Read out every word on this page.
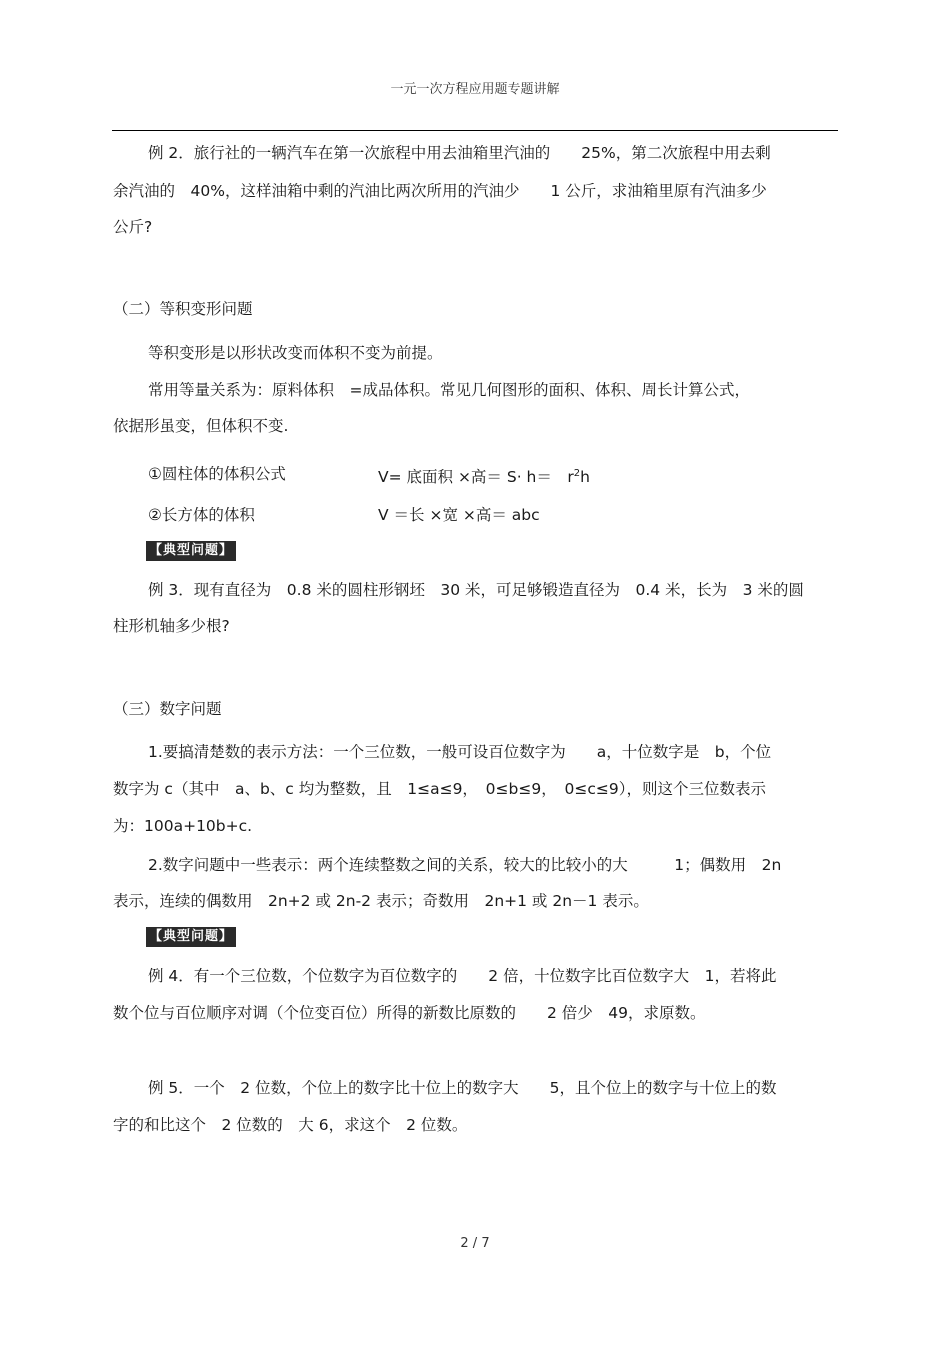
一元一次方程应用题专题讲解
例 2．旅行社的一辆汽车在第一次旅程中用去油箱里汽油的　　25%，第二次旅程中用去剩
余汽油的　40%，这样油箱中剩的汽油比两次所用的汽油少　　1 公斤，求油箱里原有汽油多少
公斤?
（二）等积变形问题
等积变形是以形状改变而体积不变为前提。
常用等量关系为：原料体积　=成品体积。常见几何图形的面积、体积、周长计算公式，
依据形虽变，但体积不变.
①圆柱体的体积公式	V= 底面积 ×高＝ S· h＝　$r^2h$
②长方体的体积	V ＝长 ×宽 ×高＝ abc
【典型问题】
例 3．现有直径为　0.8 米的圆柱形钢坯　30 米，可足够锻造直径为　0.4 米，长为　3 米的圆
柱形机轴多少根?
（三）数字问题
1.要搞清楚数的表示方法：一个三位数，一般可设百位数字为　　a，十位数字是　b，个位
数字为 c（其中　a、b、c 均为整数，且　1≤a≤9，　0≤b≤9，　0≤c≤9），则这个三位数表示
为：100a+10b+c.
2.数字问题中一些表示：两个连续整数之间的关系，较大的比较小的大　　　1；偶数用　2n
表示，连续的偶数用　2n+2 或 2n-2 表示；奇数用　2n+1 或 2n－1 表示。
【典型问题】
例 4．有一个三位数，个位数字为百位数字的　　2 倍，十位数字比百位数字大　1，若将此
数个位与百位顺序对调（个位变百位）所得的新数比原数的　　2 倍少　49，求原数。
例 5．一个　2 位数，个位上的数字比十位上的数字大　　5，且个位上的数字与十位上的数
字的和比这个　2 位数的　大 6，求这个　2 位数。
2 / 7
